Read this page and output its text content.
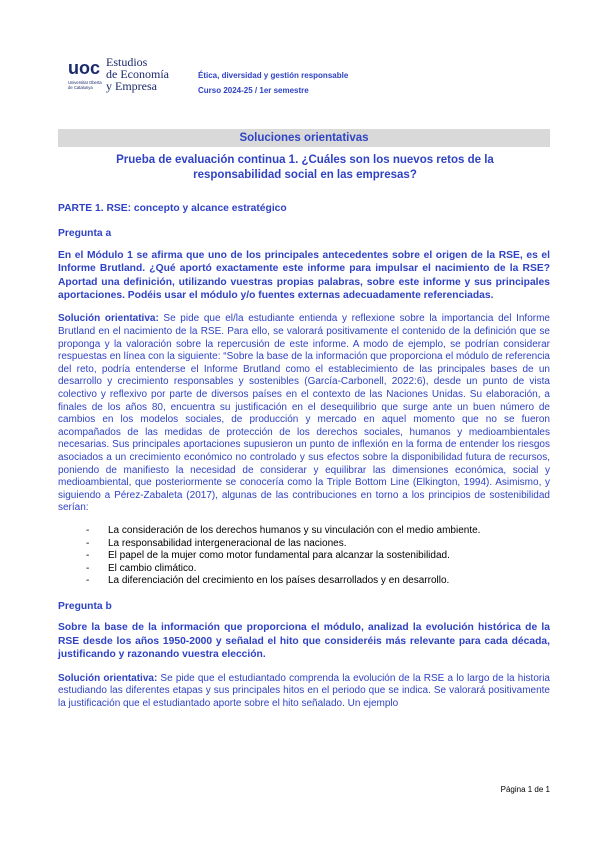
uoc
Universitat Oberta de Catalunya
Estudios
de Economía
y Empresa
Ética, diversidad y gestión responsable
Curso 2024-25 / 1er semestre
Soluciones orientativas
Prueba de evaluación continua 1. ¿Cuáles son los nuevos retos de la responsabilidad social en las empresas?

PARTE 1. RSE: concepto y alcance estratégico

Pregunta a

En el Módulo 1 se afirma que uno de los principales antecedentes sobre el origen de la RSE, es el Informe Brutland. ¿Qué aportó exactamente este informe para impulsar el nacimiento de la RSE? Aportad una definición, utilizando vuestras propias palabras, sobre este informe y sus principales aportaciones. Podéis usar el módulo y/o fuentes externas adecuadamente referenciadas.

Solución orientativa: Se pide que el/la estudiante entienda y reflexione sobre la importancia del Informe Brutland en el nacimiento de la RSE. Para ello, se valorará positivamente el contenido de la definición que se proponga y la valoración sobre la repercusión de este informe. A modo de ejemplo, se podrían considerar respuestas en línea con la siguiente: “Sobre la base de la información que proporciona el módulo de referencia del reto, podría entenderse el Informe Brutland como el establecimiento de las principales bases de un desarrollo y crecimiento responsables y sostenibles (García-Carbonell, 2022:6), desde un punto de vista colectivo y reflexivo por parte de diversos países en el contexto de las Naciones Unidas. Su elaboración, a finales de los años 80, encuentra su justificación en el desequilibrio que surge ante un buen número de cambios en los modelos sociales, de producción y mercado en aquel momento que no se fueron acompañados de las medidas de protección de los derechos sociales, humanos y medioambientales necesarias. Sus principales aportaciones supusieron un punto de inflexión en la forma de entender los riesgos asociados a un crecimiento económico no controlado y sus efectos sobre la disponibilidad futura de recursos, poniendo de manifiesto la necesidad de considerar y equilibrar las dimensiones económica, social y medioambiental, que posteriormente se conocería como la Triple Bottom Line (Elkington, 1994). Asimismo, y siguiendo a Pérez-Zabaleta (2017), algunas de las contribuciones en torno a los principios de sostenibilidad serían:

- La consideración de los derechos humanos y su vinculación con el medio ambiente.
- La responsabilidad intergeneracional de las naciones.
- El papel de la mujer como motor fundamental para alcanzar la sostenibilidad.
- El cambio climático.
- La diferenciación del crecimiento en los países desarrollados y en desarrollo.

Pregunta b

Sobre la base de la información que proporciona el módulo, analizad la evolución histórica de la RSE desde los años 1950-2000 y señalad el hito que consideréis más relevante para cada década, justificando y razonando vuestra elección.

Solución orientativa: Se pide que el estudiantado comprenda la evolución de la RSE a lo largo de la historia estudiando las diferentes etapas y sus principales hitos en el periodo que se indica. Se valorará positivamente la justificación que el estudiantado aporte sobre el hito señalado. Un ejemplo

Página 1 de 1
